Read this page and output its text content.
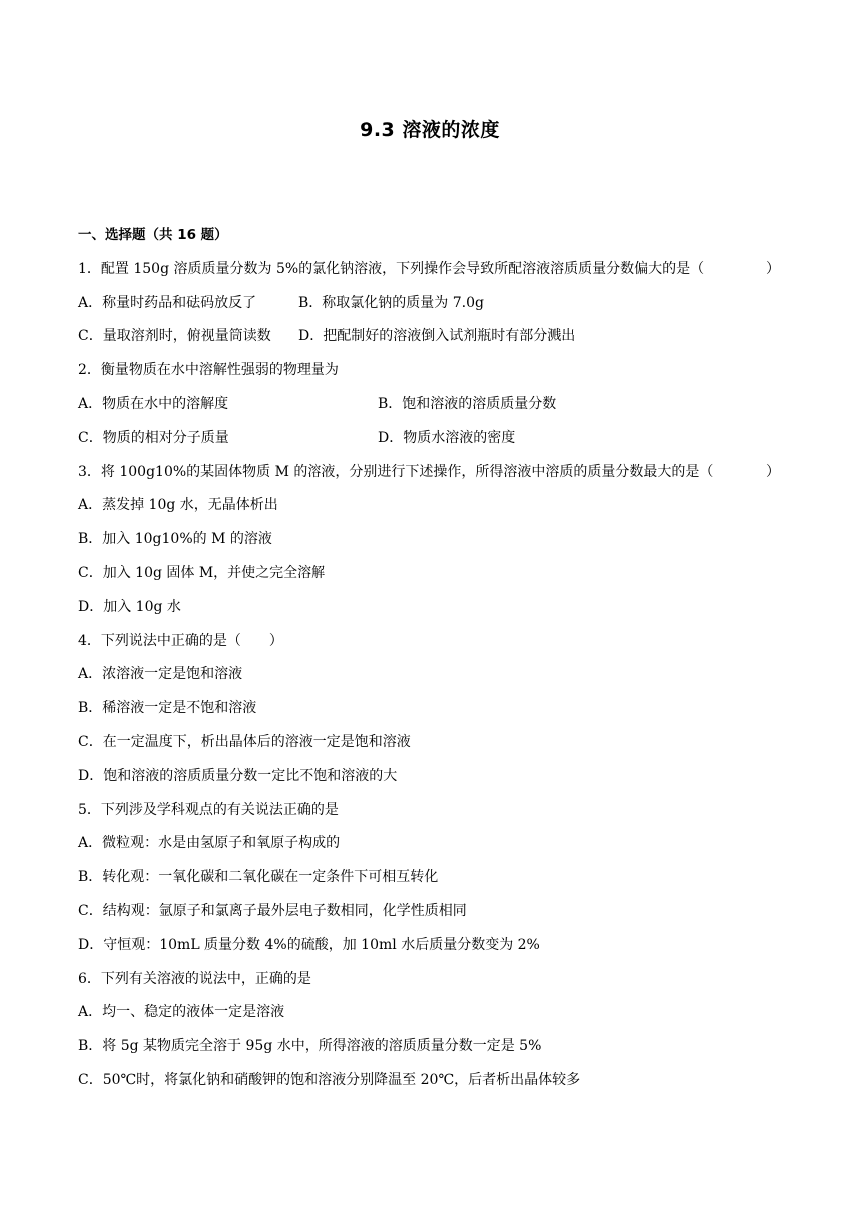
9.3 溶液的浓度
一、选择题（共 16 题）
1．配置 150g 溶质质量分数为 5%的氯化钠溶液，下列操作会导致所配溶液溶质质量分数偏大的是（	）
A．称量时药品和砝码放反了	B．称取氯化钠的质量为 7.0g
C．量取溶剂时，俯视量筒读数	D．把配制好的溶液倒入试剂瓶时有部分溅出
2．衡量物质在水中溶解性强弱的物理量为
A．物质在水中的溶解度	B．饱和溶液的溶质质量分数
C．物质的相对分子质量	D．物质水溶液的密度
3．将 100g10%的某固体物质 M 的溶液，分别进行下述操作，所得溶液中溶质的质量分数最大的是（	）
A．蒸发掉 10g 水，无晶体析出
B．加入 10g10%的 M 的溶液
C．加入 10g 固体 M，并使之完全溶解
D．加入 10g 水
4．下列说法中正确的是（　　）
A．浓溶液一定是饱和溶液
B．稀溶液一定是不饱和溶液
C．在一定温度下，析出晶体后的溶液一定是饱和溶液
D．饱和溶液的溶质质量分数一定比不饱和溶液的大
5．下列涉及学科观点的有关说法正确的是
A．微粒观：水是由氢原子和氧原子构成的
B．转化观：一氧化碳和二氧化碳在一定条件下可相互转化
C．结构观：氩原子和氯离子最外层电子数相同，化学性质相同
D．守恒观：10mL 质量分数 4%的硫酸，加 10ml 水后质量分数变为 2%
6．下列有关溶液的说法中，正确的是
A．均一、稳定的液体一定是溶液
B．将 5g 某物质完全溶于 95g 水中，所得溶液的溶质质量分数一定是 5%
C．50℃时，将氯化钠和硝酸钾的饱和溶液分别降温至 20℃，后者析出晶体较多
